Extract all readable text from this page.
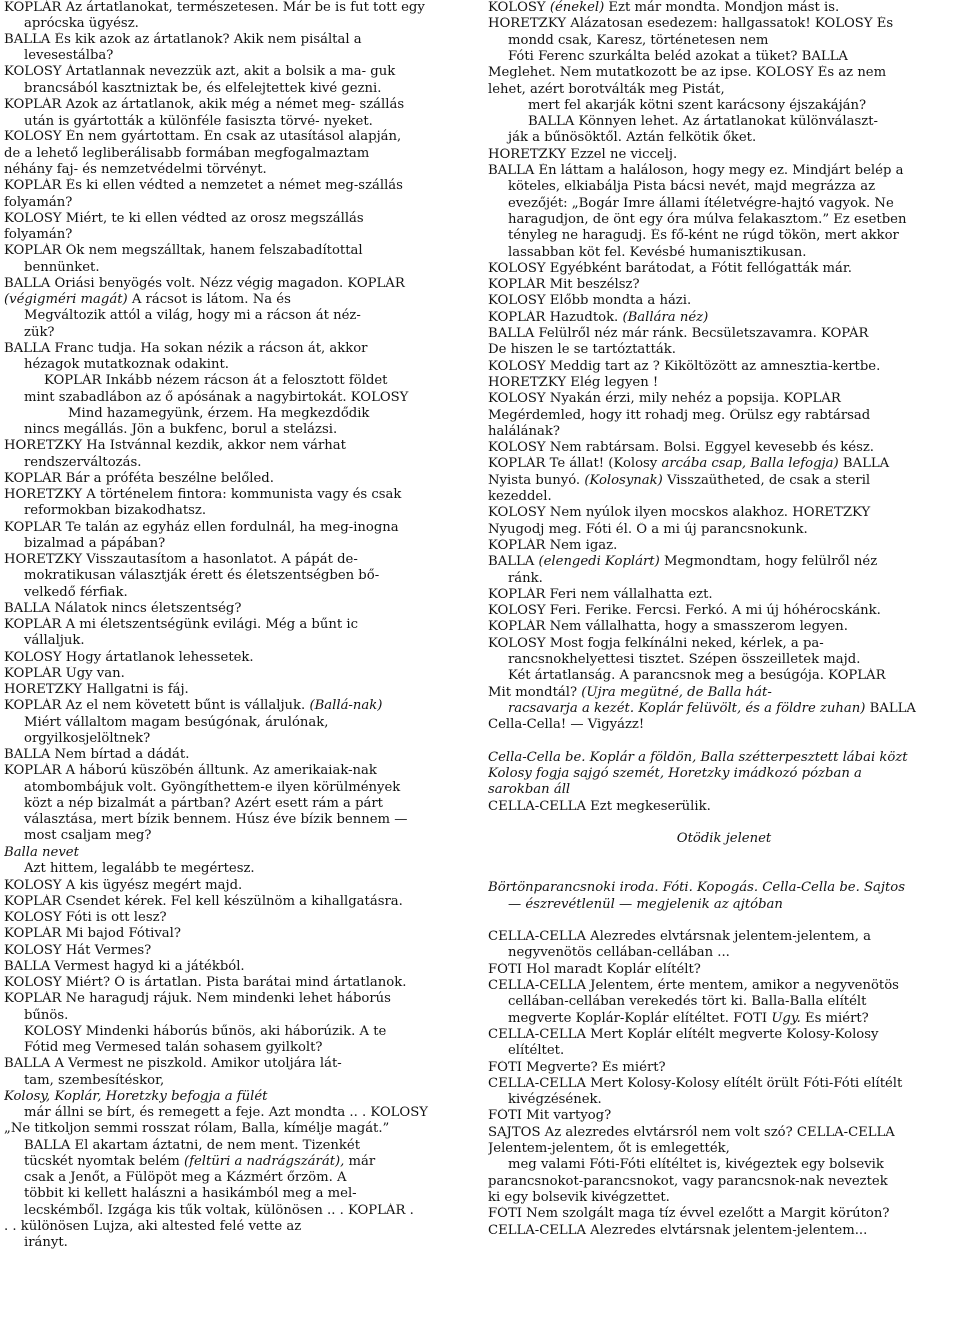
KOPLÁR Az ártatlanokat, természetesen. Már be is fut tott egy
aprócska ügyész.
BALLA És kik azok az ártatlanok? Akik nem pisáltal a
levesestálba?
KOLOSY Ártatlannak nevezzük azt, akit a bolsik a ma- guk
brancsából kasztniztak be, és elfelejtettek kivé gezni.
KOPLÁR Azok az ártatlanok, akik még a német meg- szállás
után is gyártották a különféle fasiszta törvé- nyeket.
KOLOSY Én nem gyártottam. Én csak az utasításol alapján,
de a lehető legliberálisabb formában megfogalmaztam
néhány faj- és nemzetvédelmi törvényt.
KOPLÁR És ki ellen védted a nemzetet a német meg-szállás
folyamán?
KOLOSY Miért, te ki ellen védted az orosz megszállás
folyamán?
KOPLÁR Ők nem megszálltak, hanem felszabadítottal
bennünket.
BALLA Óriási benyögés volt. Nézz végig magadon. KOPLÁR
(végigméri magát) A rácsot is látom. Na és
Megváltozik attól a világ, hogy mi a rácson át néz-
zük?
BALLA Franc tudja. Ha sokan nézik a rácson át, akkor
hézagok mutatkoznak odakint.
KOPLÁR Inkább nézem rácson át a felosztott földet
mint szabadlábon az ő apósának a nagybirtokát. KOLOSY
Mind hazamegyünk, érzem. Ha megkezdődik
nincs megállás. Jön a bukfenc, borul a stelázsi.
HORETZKY Ha Istvánnal kezdik, akkor nem várhat
rendszerváltozás.
KOPLÁR Bár a próféta beszélne belőled.
HORETZKY A történelem fintora: kommunista vagy és csak
reformokban bizakodhatsz.
KOPLÁR Te talán az egyház ellen fordulnál, ha meg-inogna
bizalmad a pápában?
HORETZKY Visszautasítom a hasonlatot. A pápát de-
mokratikusan választják érett és életszentségben bő-
velkedő férfiak.
BALLA Nálatok nincs életszentség?
KOPLÁR A mi életszentségünk evilági. Még a bűnt ic
vállaljuk.
KOLOSY Hogy ártatlanok lehessetek.
KOPLÁR Úgy van.
HORETZKY Hallgatni is fáj.
KOPLÁR Az el nem követett bűnt is vállaljuk. (Ballá-nak)
Miért vállaltom magam besúgónak, árulónak,
orgyilkosjelöltnek?
BALLA Nem bírtad a dádát.
KOPLÁR A háború küszöbén álltunk. Az amerikaiak-nak
atombombájuk volt. Gyöngíthettem-e ilyen körülmények
közt a nép bizalmát a pártban? Azért esett rám a párt
választása, mert bízik bennem. Húsz éve bízik bennem —
most csaljam meg?
Balla nevet
Azt hittem, legalább te megértesz.
KOLOSY A kis ügyész megért majd.
KOPLÁR Csendet kérek. Fel kell készülnöm a kihallgatásra.
KOLOSY Fóti is ott lesz?
KOPLÁR Mi bajod Fótival?
KOLOSY Hát Vermes?
BALLA Vermest hagyd ki a játékból.
KOLOSY Miért? Ő is ártatlan. Pista barátai mind ártatlanok.
KOPLÁR Ne haragudj rájuk. Nem mindenki lehet háborús
bűnös.
KOLOSY Mindenki háborús bűnös, aki háborúzik. A te
Fótid meg Vermesed talán sohasem gyilkolt?
BALLA A Vermest ne piszkold. Amikor utoljára lát-
tam, szembesítéskor,
Kolosy, Koplár, Horetzky befogja a fülét
már állni se bírt, és remegett a feje. Azt mondta .. . KOLOSY
„Ne titkoljon semmi rosszat rólam, Balla, kímélje magát.”
BALLA El akartam áztatni, de nem ment. Tizenkét
tücskét nyomtak belém (feltüri a nadrágszárát), már
csak a Jenőt, a Fülöpöt meg a Kázmért őrzöm. A
többit ki kellett halászni a hasikámból meg a mel-
lecskémből. Izgága kis tűk voltak, különösen .. . KOPLÁR .
. . különösen Lujza, aki altested felé vette az
irányt.
KOLOSY (énekel) Ezt már mondta. Mondjon mást is.
HORETZKY Alázatosan esedezem: hallgassatok! KOLOSY És
mondd csak, Karesz, történetesen nem
Fóti Ferenc szurkálta beléd azokat a tüket? BALLA
Meglehet. Nem mutatkozott be az ipse. KOLOSY És az nem
lehet, azért borotválták meg Pistát,
mert fel akarják kötni szent karácsony éjszakáján?
BALLA Könnyen lehet. Az ártatlanokat különválaszt-
ják a bűnösöktől. Aztán felkötik őket.
HORETZKY Ezzel ne viccelj.
BALLA Én láttam a haláloson, hogy megy ez. Mindjárt belép a
köteles, elkiabálja Pista bácsi nevét, majd megrázza az
evezőjét: „Bogár Imre állami ítéletvégre-hajtó vagyok. Ne
haragudjon, de önt egy óra múlva felakasztom.” Ez esetben
tényleg ne haragudj. És fő-ként ne rúgd tökön, mert akkor
lassabban köt fel. Kevésbé humanisztikusan.
KOLOSY Egyébként barátodat, a Fótit fellógatták már.
KOPLÁR Mit beszélsz?
KOLOSY Előbb mondta a házi.
KOPLÁR Hazudtok. (Ballára néz)
BALLA Felülről néz már ránk. Becsületszavamra. KOPÁR
De hiszen le se tartóztatták.
KOLOSY Meddig tart az ? Kiköltözött az amnesztia-kertbe.
HORETZKY Elég legyen !
KOLOSY Nyakán érzi, mily nehéz a popsija. KOPLÁR
Megérdemled, hogy itt rohadj meg. Őrülsz egy rabtársad
halálának?
KOLOSY Nem rabtársam. Bolsi. Eggyel kevesebb és kész.
KOPLÁR Te állat! (Kolosy arcába csap, Balla lefogja) BALLA
Nyista bunyó. (Kolosynak) Visszaütheted, de csak a steril
kezeddel.
KOLOSY Nem nyúlok ilyen mocskos alakhoz. HORETZKY
Nyugodj meg. Fóti él. Ő a mi új parancsnokunk.
KOPLÁR Nem igaz.
BALLA (elengedi Koplárt) Megmondtam, hogy felülről néz
ránk.
KOPLÁR Feri nem vállalhatta ezt.
KOLOSY Feri. Ferike. Fercsi. Ferkó. A mi új hóhérocskánk.
KOPLÁR Nem vállalhatta, hogy a smasszerom legyen.
KOLOSY Most fogja felkínálni neked, kérlek, a pa-
rancsnokhelyettesi tisztet. Szépen összeilletek majd.
Két ártatlanság. A parancsnok meg a besúgója. KOPLÁR
Mit mondtál? (Újra megütné, de Balla hát-
racsavarja a kezét. Koplár felüvölt, és a földre zuhan) BALLA
Cella-Cella! — Vigyázz!
Cella-Cella be. Koplár a földön, Balla szétterpesztett lábai közt
Kolosy fogja sajgó szemét, Horetzky imádkozó pózban a
sarokban áll
CELLA-CELLA Ezt megkeserülik.
Ötödik jelenet
Börtönparancsnoki iroda. Fóti. Kopogás. Cella-Cella be. Sajtos
— észrevétlenül — megjelenik az ajtóban
CELLA-CELLA Alezredes elvtársnak jelentem-jelentem, a
negyvenötös cellában-cellában ...
FÓTI Hol maradt Koplár elítélt?
CELLA-CELLA Jelentem, érte mentem, amikor a negyvenötös
cellában-cellában verekedés tört ki. Balla-Balla elítélt
megverte Koplár-Koplár elítéltet. FÓTI Úgy. És miért?
CELLA-CELLA Mert Koplár elítélt megverte Kolosy-Kolosy
elítéltet.
FÓTI Megverte? És miért?
CELLA-CELLA Mert Kolosy-Kolosy elítélt örült Fóti-Fóti elítélt
kivégzésének.
FÓTI Mit vartyog?
SAJTOS Az alezredes elvtársról nem volt szó? CELLA-CELLA
Jelentem-jelentem, őt is emlegették,
meg valami Fóti-Fóti elítéltet is, kivégeztek egy bolsevik
parancsnokot-parancsnokot, vagy parancsnok-nak neveztek
ki egy bolsevik kivégzettet.
FÓTI Nem szolgált maga tíz évvel ezelőtt a Margit körúton?
CELLA-CELLA Alezredes elvtársnak jelentem-jelentem...
